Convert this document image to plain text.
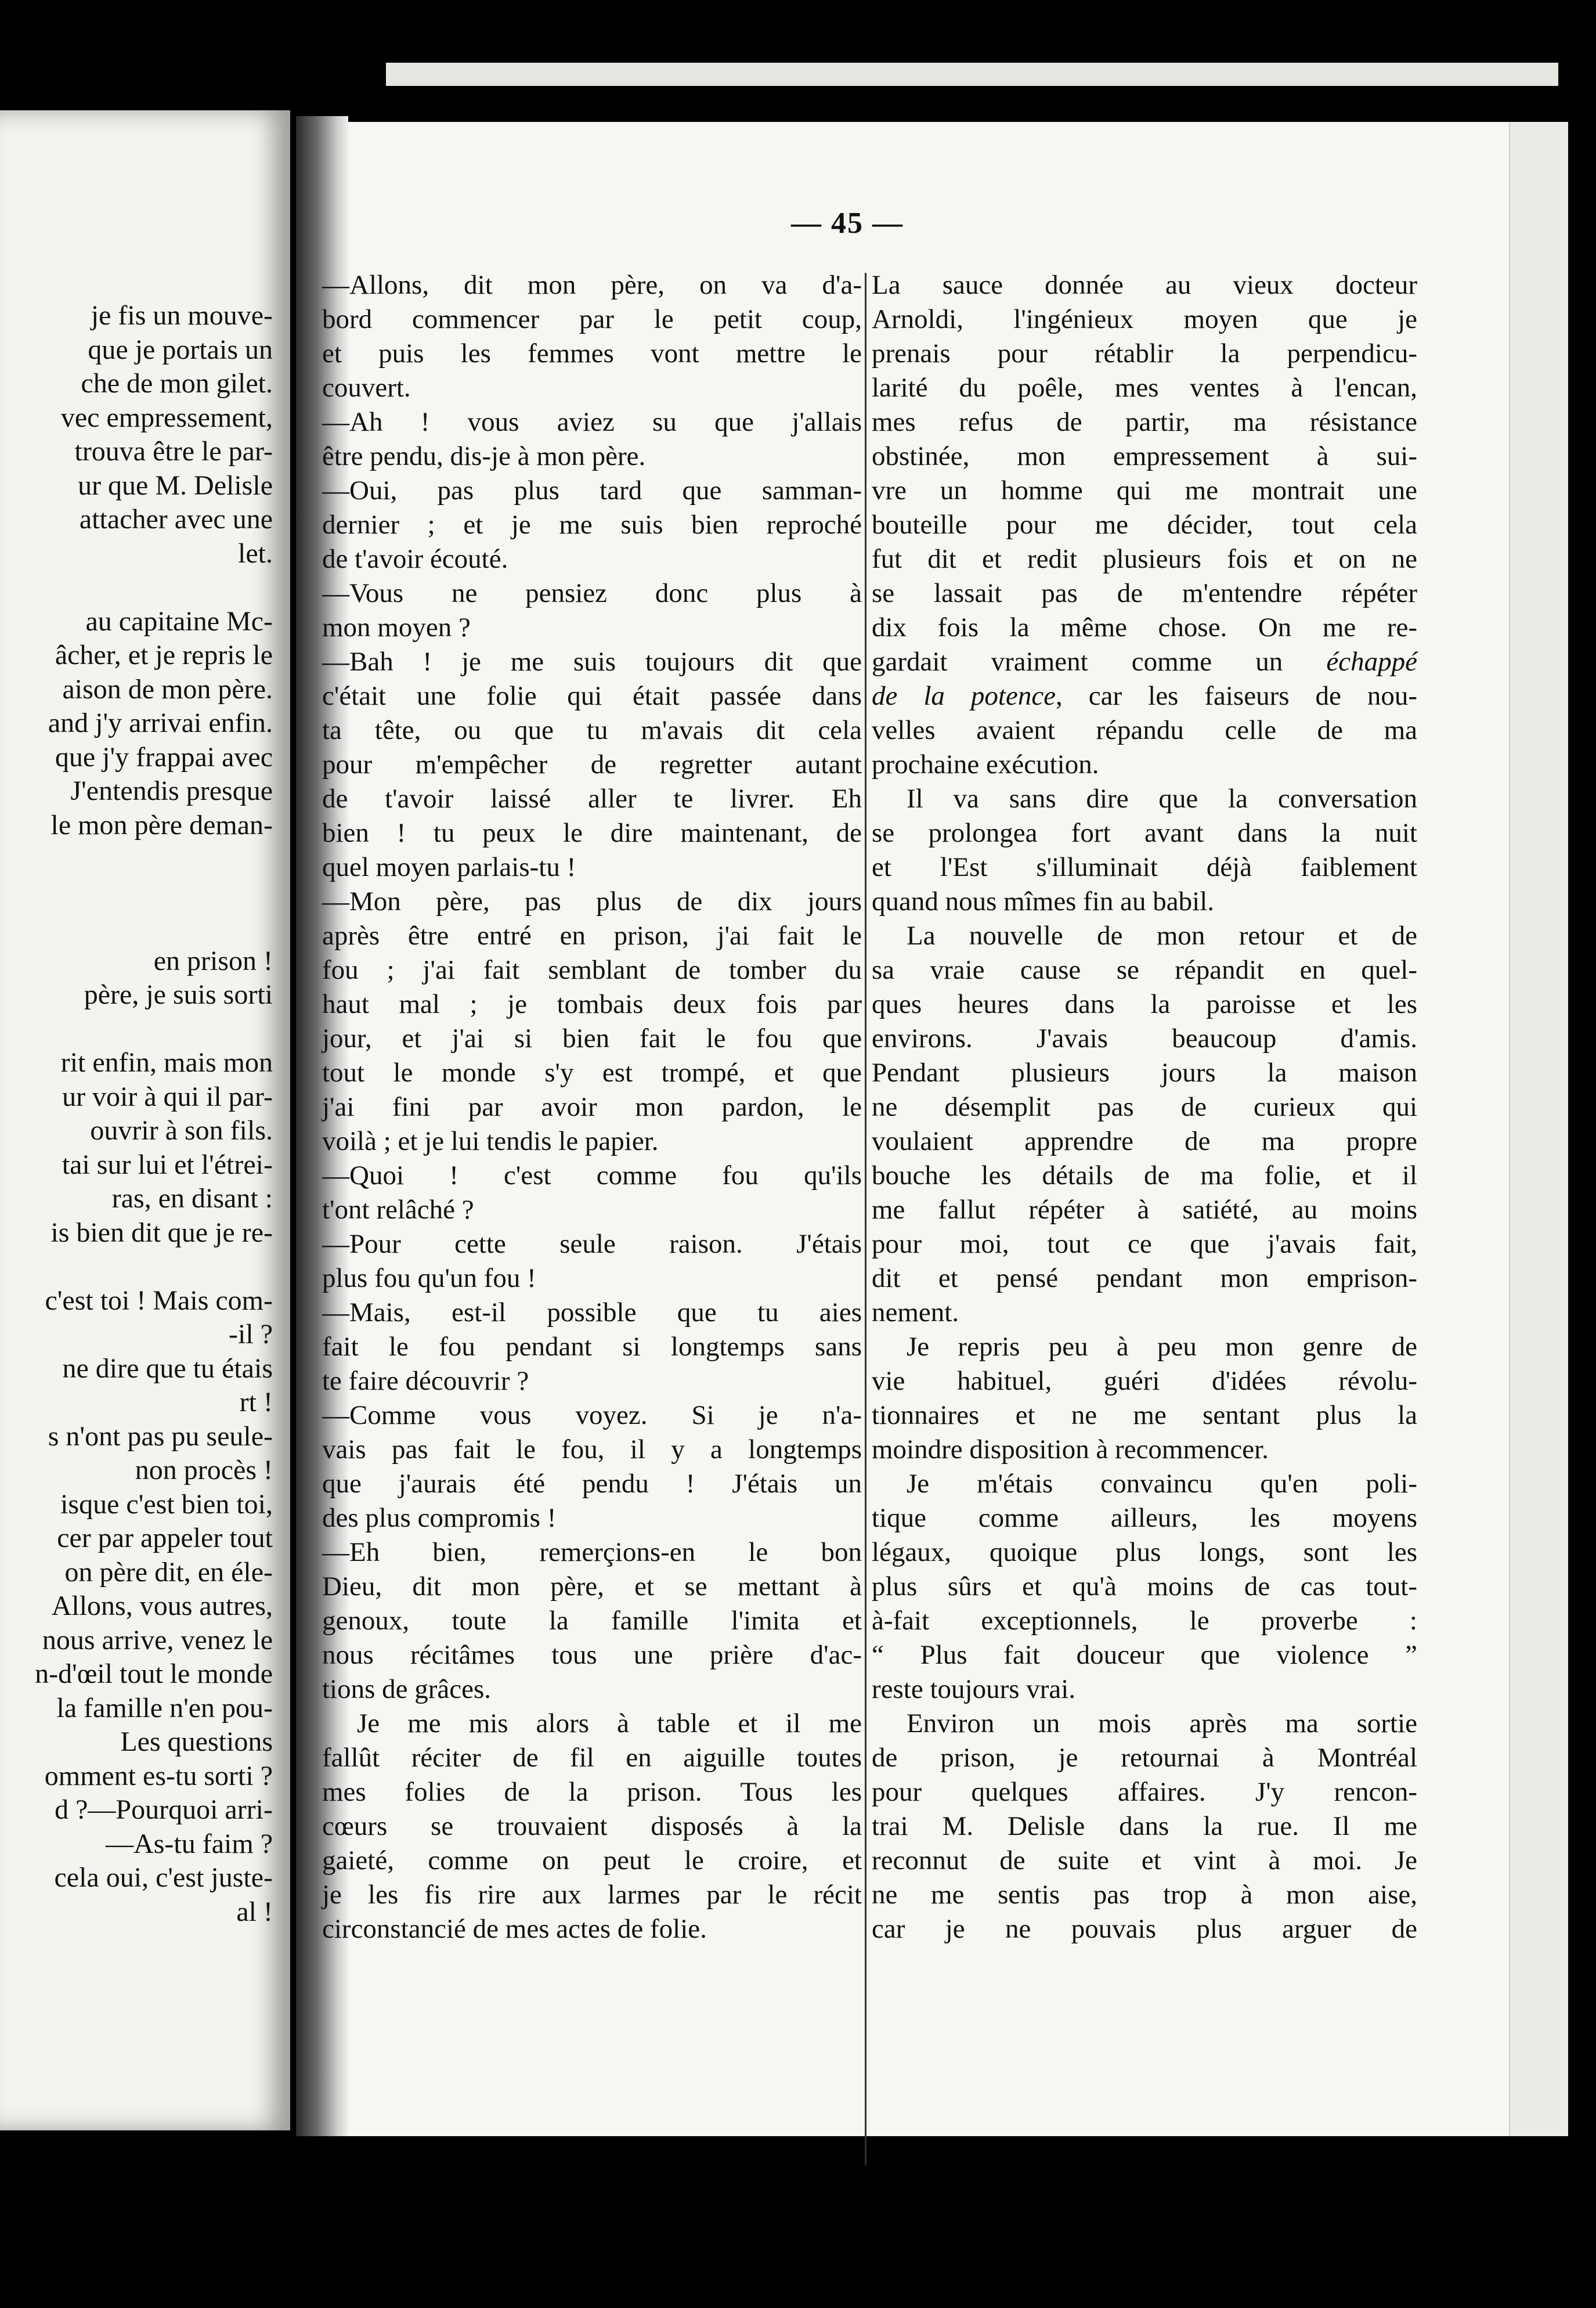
je fis un mouve-
que je portais un
che de mon gilet.
vec empressement,
trouva être le par-
ur que M. Delisle
attacher avec une
let.
au capitaine Mc-
âcher, et je repris le
aison de mon père.
and j'y arrivai enfin.
que j'y frappai avec
J'entendis presque
le mon père deman-
en prison !
père, je suis sorti
rit enfin, mais mon
ur voir à qui il par-
ouvrir à son fils.
tai sur lui et l'étrei-
ras, en disant :
is bien dit que je re-
c'est toi ! Mais com-
-il ?
ne dire que tu étais
rt !
s n'ont pas pu seule-
non procès !
isque c'est bien toi,
cer par appeler tout
on père dit, en éle-
Allons, vous autres,
nous arrive, venez le
n-d'œil tout le monde
la famille n'en pou-
Les questions
omment es-tu sorti ?
d ?—Pourquoi arri-
—As-tu faim ?
cela oui, c'est juste-
al !
— 45 —
—Allons, dit mon père, on va d'a-
bord commencer par le petit coup,
et puis les femmes vont mettre le
couvert.
—Ah ! vous aviez su que j'allais
être pendu, dis-je à mon père.
—Oui, pas plus tard que samman-
dernier ; et je me suis bien reproché
de t'avoir écouté.
—Vous ne pensiez donc plus à
mon moyen ?
—Bah ! je me suis toujours dit que
c'était une folie qui était passée dans
ta tête, ou que tu m'avais dit cela
pour m'empêcher de regretter autant
de t'avoir laissé aller te livrer. Eh
bien ! tu peux le dire maintenant, de
quel moyen parlais-tu !
—Mon père, pas plus de dix jours
après être entré en prison, j'ai fait le
fou ; j'ai fait semblant de tomber du
haut mal ; je tombais deux fois par
jour, et j'ai si bien fait le fou que
tout le monde s'y est trompé, et que
j'ai fini par avoir mon pardon, le
voilà ; et je lui tendis le papier.
—Quoi ! c'est comme fou qu'ils
t'ont relâché ?
—Pour cette seule raison. J'étais
plus fou qu'un fou !
—Mais, est-il possible que tu aies
fait le fou pendant si longtemps sans
te faire découvrir ?
—Comme vous voyez. Si je n'a-
vais pas fait le fou, il y a longtemps
que j'aurais été pendu ! J'étais un
des plus compromis !
—Eh bien, remerçions-en le bon
Dieu, dit mon père, et se mettant à
genoux, toute la famille l'imita et
nous récitâmes tous une prière d'ac-
tions de grâces.
Je me mis alors à table et il me
fallût réciter de fil en aiguille toutes
mes folies de la prison. Tous les
cœurs se trouvaient disposés à la
gaieté, comme on peut le croire, et
je les fis rire aux larmes par le récit
circonstancié de mes actes de folie.
La sauce donnée au vieux docteur
Arnoldi, l'ingénieux moyen que je
prenais pour rétablir la perpendicu-
larité du poêle, mes ventes à l'encan,
mes refus de partir, ma résistance
obstinée, mon empressement à sui-
vre un homme qui me montrait une
bouteille pour me décider, tout cela
fut dit et redit plusieurs fois et on ne
se lassait pas de m'entendre répéter
dix fois la même chose. On me re-
gardait vraiment comme un échappé
de la potence, car les faiseurs de nou-
velles avaient répandu celle de ma
prochaine exécution.
Il va sans dire que la conversation
se prolongea fort avant dans la nuit
et l'Est s'illuminait déjà faiblement
quand nous mîmes fin au babil.
La nouvelle de mon retour et de
sa vraie cause se répandit en quel-
ques heures dans la paroisse et les
environs. J'avais beaucoup d'amis.
Pendant plusieurs jours la maison
ne désemplit pas de curieux qui
voulaient apprendre de ma propre
bouche les détails de ma folie, et il
me fallut répéter à satiété, au moins
pour moi, tout ce que j'avais fait,
dit et pensé pendant mon emprison-
nement.
Je repris peu à peu mon genre de
vie habituel, guéri d'idées révolu-
tionnaires et ne me sentant plus la
moindre disposition à recommencer.
Je m'étais convaincu qu'en poli-
tique comme ailleurs, les moyens
légaux, quoique plus longs, sont les
plus sûrs et qu'à moins de cas tout-
à-fait exceptionnels, le proverbe :
“ Plus fait douceur que violence ”
reste toujours vrai.
Environ un mois après ma sortie
de prison, je retournai à Montréal
pour quelques affaires. J'y rencon-
trai M. Delisle dans la rue. Il me
reconnut de suite et vint à moi. Je
ne me sentis pas trop à mon aise,
car je ne pouvais plus arguer de
